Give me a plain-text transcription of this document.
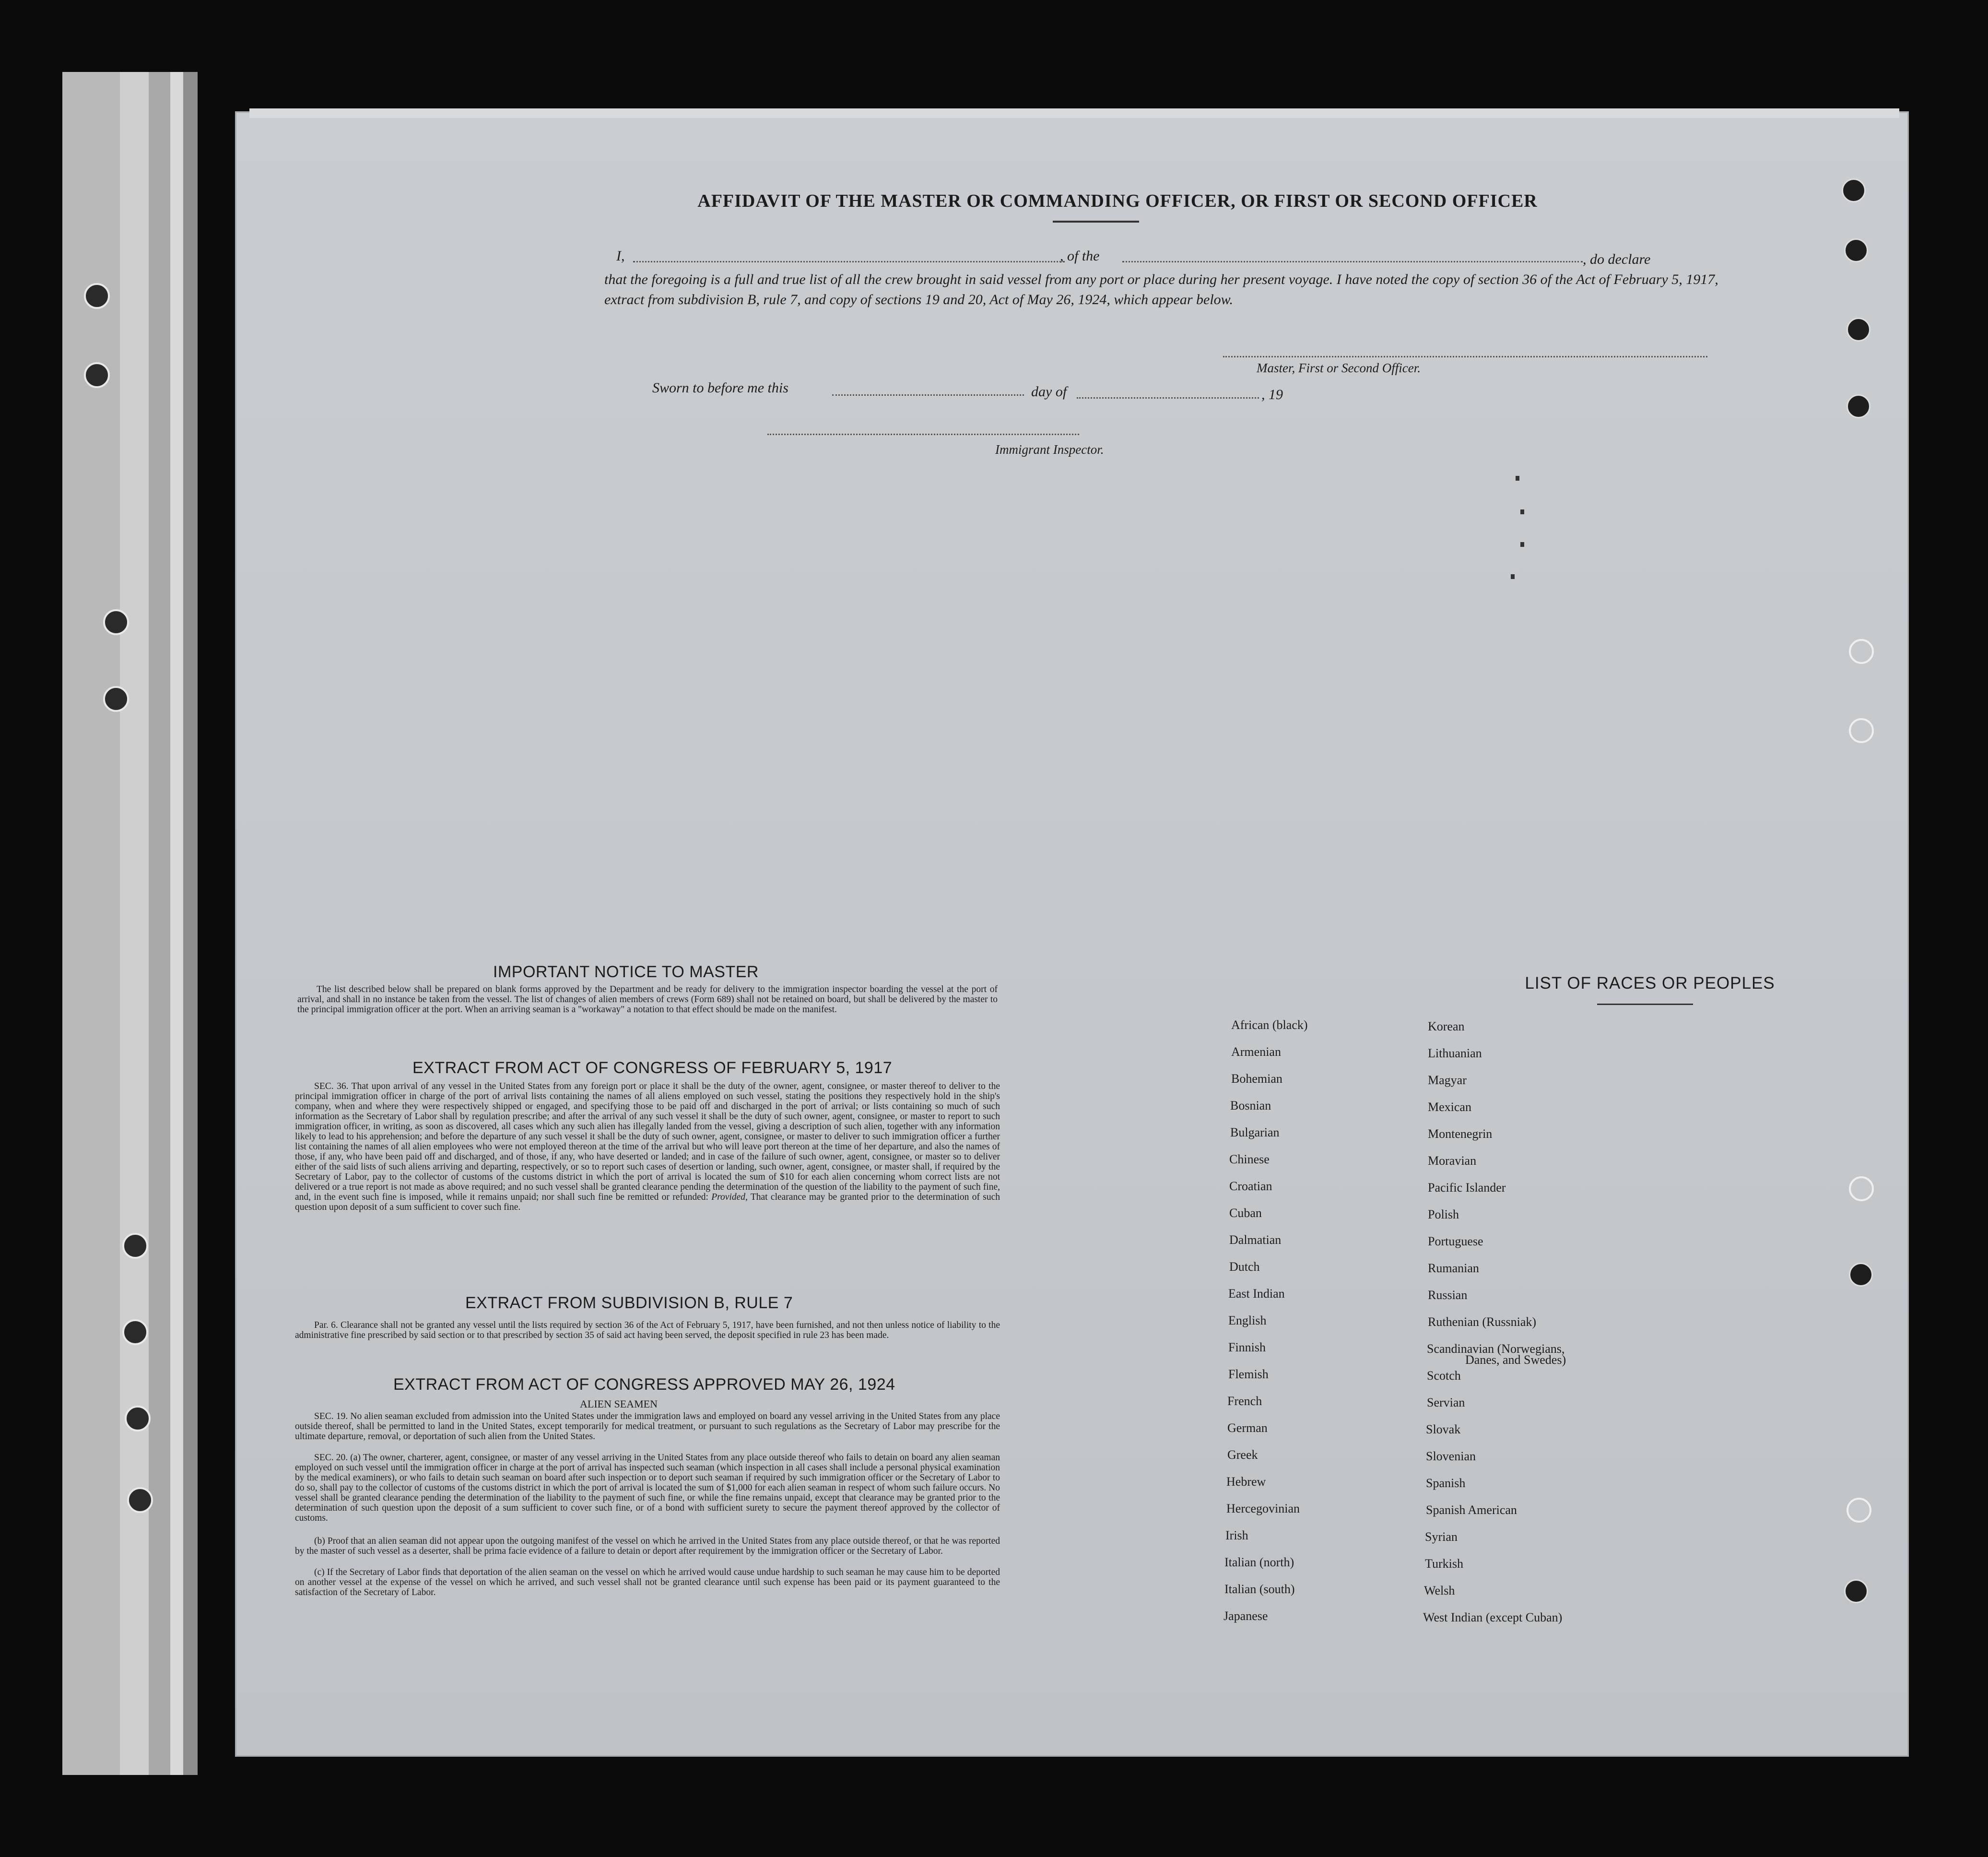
AFFIDAVIT OF THE MASTER OR COMMANDING OFFICER, OR FIRST OR SECOND OFFICER
I,	, of the	, do declare
that the foregoing is a full and true list of all the crew brought in said vessel from any port or place during her present voyage. I have noted the copy of section 36 of the Act of February 5, 1917, extract from subdivision B, rule 7, and copy of sections 19 and 20, Act of May 26, 1924, which appear below.
Master, First or Second Officer.
Sworn to before me this	day of	, 19
Immigrant Inspector.
IMPORTANT NOTICE TO MASTER
The list described below shall be prepared on blank forms approved by the Department and be ready for delivery to the immigration inspector boarding the vessel at the port of arrival, and shall in no instance be taken from the vessel. The list of changes of alien members of crews (Form 689) shall not be retained on board, but shall be delivered by the master to the principal immigration officer at the port. When an arriving seaman is a "workaway" a notation to that effect should be made on the manifest.
EXTRACT FROM ACT OF CONGRESS OF FEBRUARY 5, 1917
SEC. 36. That upon arrival of any vessel in the United States from any foreign port or place it shall be the duty of the owner, agent, consignee, or master thereof to deliver to the principal immigration officer in charge of the port of arrival lists containing the names of all aliens employed on such vessel, stating the positions they respectively hold in the ship's company, when and where they were respectively shipped or engaged, and specifying those to be paid off and discharged in the port of arrival; or lists containing so much of such information as the Secretary of Labor shall by regulation prescribe; and after the arrival of any such vessel it shall be the duty of such owner, agent, consignee, or master to report to such immigration officer, in writing, as soon as discovered, all cases which any such alien has illegally landed from the vessel, giving a description of such alien, together with any information likely to lead to his apprehension; and before the departure of any such vessel it shall be the duty of such owner, agent, consignee, or master to deliver to such immigration officer a further list containing the names of all alien employees who were not employed thereon at the time of the arrival but who will leave port thereon at the time of her departure, and also the names of those, if any, who have been paid off and discharged, and of those, if any, who have deserted or landed; and in case of the failure of such owner, agent, consignee, or master so to deliver either of the said lists of such aliens arriving and departing, respectively, or so to report such cases of desertion or landing, such owner, agent, consignee, or master shall, if required by the Secretary of Labor, pay to the collector of customs of the customs district in which the port of arrival is located the sum of $10 for each alien concerning whom correct lists are not delivered or a true report is not made as above required; and no such vessel shall be granted clearance pending the determination of the question of the liability to the payment of such fine, and, in the event such fine is imposed, while it remains unpaid; nor shall such fine be remitted or refunded: Provided, That clearance may be granted prior to the determination of such question upon deposit of a sum sufficient to cover such fine.
EXTRACT FROM SUBDIVISION B, RULE 7
Par. 6. Clearance shall not be granted any vessel until the lists required by section 36 of the Act of February 5, 1917, have been furnished, and not then unless notice of liability to the administrative fine prescribed by said section or to that prescribed by section 35 of said act having been served, the deposit specified in rule 23 has been made.
EXTRACT FROM ACT OF CONGRESS APPROVED MAY 26, 1924
ALIEN SEAMEN
SEC. 19. No alien seaman excluded from admission into the United States under the immigration laws and employed on board any vessel arriving in the United States from any place outside thereof, shall be permitted to land in the United States, except temporarily for medical treatment, or pursuant to such regulations as the Secretary of Labor may prescribe for the ultimate departure, removal, or deportation of such alien from the United States.
SEC. 20. (a) The owner, charterer, agent, consignee, or master of any vessel arriving in the United States from any place outside thereof who fails to detain on board any alien seaman employed on such vessel until the immigration officer in charge at the port of arrival has inspected such seaman (which inspection in all cases shall include a personal physical examination by the medical examiners), or who fails to detain such seaman on board after such inspection or to deport such seaman if required by such immigration officer or the Secretary of Labor to do so, shall pay to the collector of customs of the customs district in which the port of arrival is located the sum of $1,000 for each alien seaman in respect of whom such failure occurs. No vessel shall be granted clearance pending the determination of the liability to the payment of such fine, or while the fine remains unpaid, except that clearance may be granted prior to the determination of such question upon the deposit of a sum sufficient to cover such fine, or of a bond with sufficient surety to secure the payment thereof approved by the collector of customs.
(b) Proof that an alien seaman did not appear upon the outgoing manifest of the vessel on which he arrived in the United States from any place outside thereof, or that he was reported by the master of such vessel as a deserter, shall be prima facie evidence of a failure to detain or deport after requirement by the immigration officer or the Secretary of Labor.
(c) If the Secretary of Labor finds that deportation of the alien seaman on the vessel on which he arrived would cause undue hardship to such seaman he may cause him to be deported on another vessel at the expense of the vessel on which he arrived, and such vessel shall not be granted clearance until such expense has been paid or its payment guaranteed to the satisfaction of the Secretary of Labor.
LIST OF RACES OR PEOPLES
African (black)
Armenian
Bohemian
Bosnian
Bulgarian
Chinese
Croatian
Cuban
Dalmatian
Dutch
East Indian
English
Finnish
Flemish
French
German
Greek
Hebrew
Hercegovinian
Irish
Italian (north)
Italian (south)
Japanese
Korean
Lithuanian
Magyar
Mexican
Montenegrin
Moravian
Pacific Islander
Polish
Portuguese
Rumanian
Russian
Ruthenian (Russniak)
Scandinavian (Norwegians,
Danes, and Swedes)
Scotch
Servian
Slovak
Slovenian
Spanish
Spanish American
Syrian
Turkish
Welsh
West Indian (except Cuban)
